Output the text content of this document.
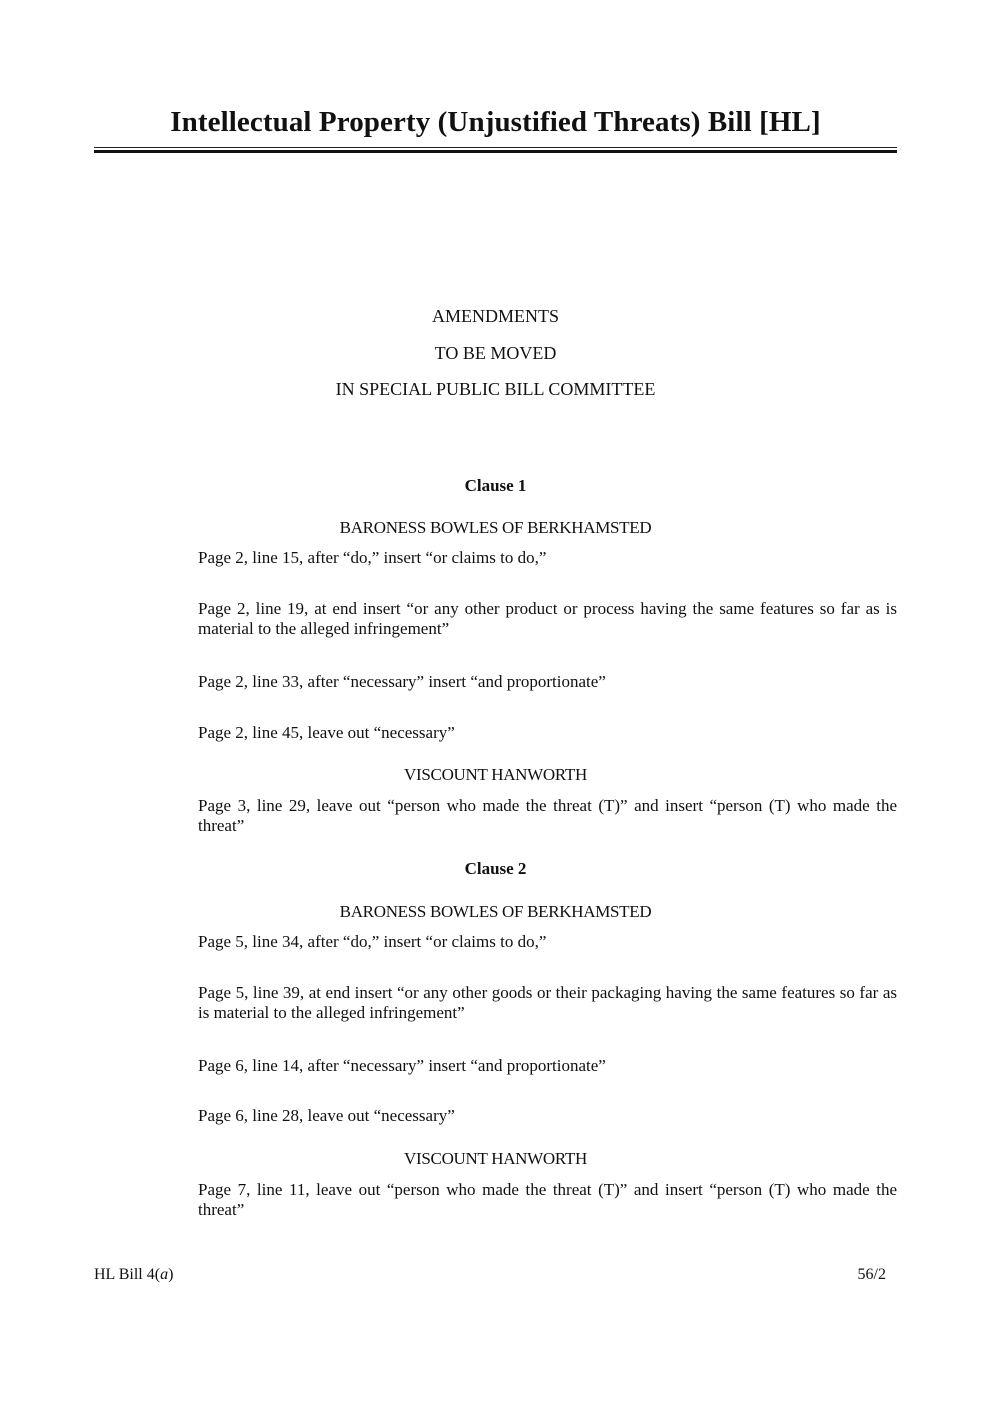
Intellectual Property (Unjustified Threats) Bill [HL]
AMENDMENTS
TO BE MOVED
IN SPECIAL PUBLIC BILL COMMITTEE
Clause 1
BARONESS BOWLES OF BERKHAMSTED
Page 2, line 15, after “do,” insert “or claims to do,”
Page 2, line 19, at end insert “or any other product or process having the same features so far as is material to the alleged infringement”
Page 2, line 33, after “necessary” insert “and proportionate”
Page 2, line 45, leave out “necessary”
VISCOUNT HANWORTH
Page 3, line 29, leave out “person who made the threat (T)” and insert “person (T) who made the threat”
Clause 2
BARONESS BOWLES OF BERKHAMSTED
Page 5, line 34, after “do,” insert “or claims to do,”
Page 5, line 39, at end insert “or any other goods or their packaging having the same features so far as is material to the alleged infringement”
Page 6, line 14, after “necessary” insert “and proportionate”
Page 6, line 28, leave out “necessary”
VISCOUNT HANWORTH
Page 7, line 11, leave out “person who made the threat (T)” and insert “person (T) who made the threat”
HL Bill 4(a)	56/2
